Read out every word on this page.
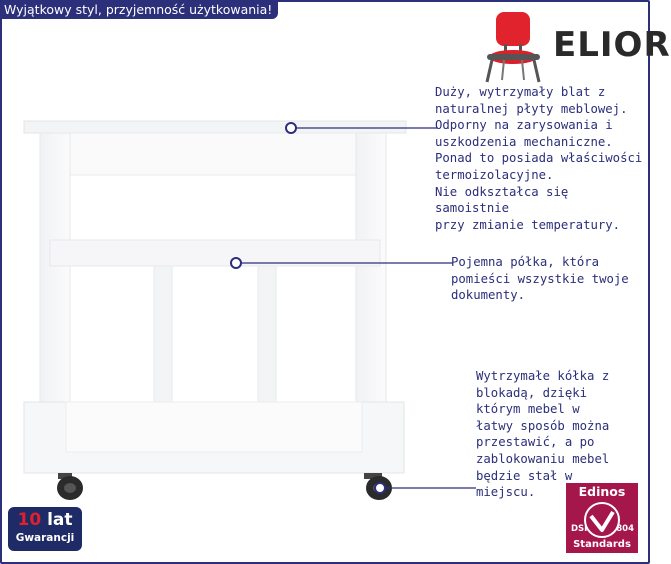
Wyjątkowy styl, przyjemność użytkowania!
ELIOR

Duży, wytrzymały blat z
naturalnej płyty meblowej.
Odporny na zarysowania i
uszkodzenia mechaniczne.
Ponad to posiada właściwości
termoizolacyjne.
Nie odkształca się samoistnie
przy zmianie temperatury.

Pojemna półka, która
pomieści wszystkie twoje
dokumenty.

Wytrzymałe kółka z
blokadą, dzięki
którym mebel w
łatwy sposób można
przestawić, a po
zablokowaniu mebel
będzie stał w
miejscu.

10 lat
Gwarancji
Edinos
DSI	804
Standards
